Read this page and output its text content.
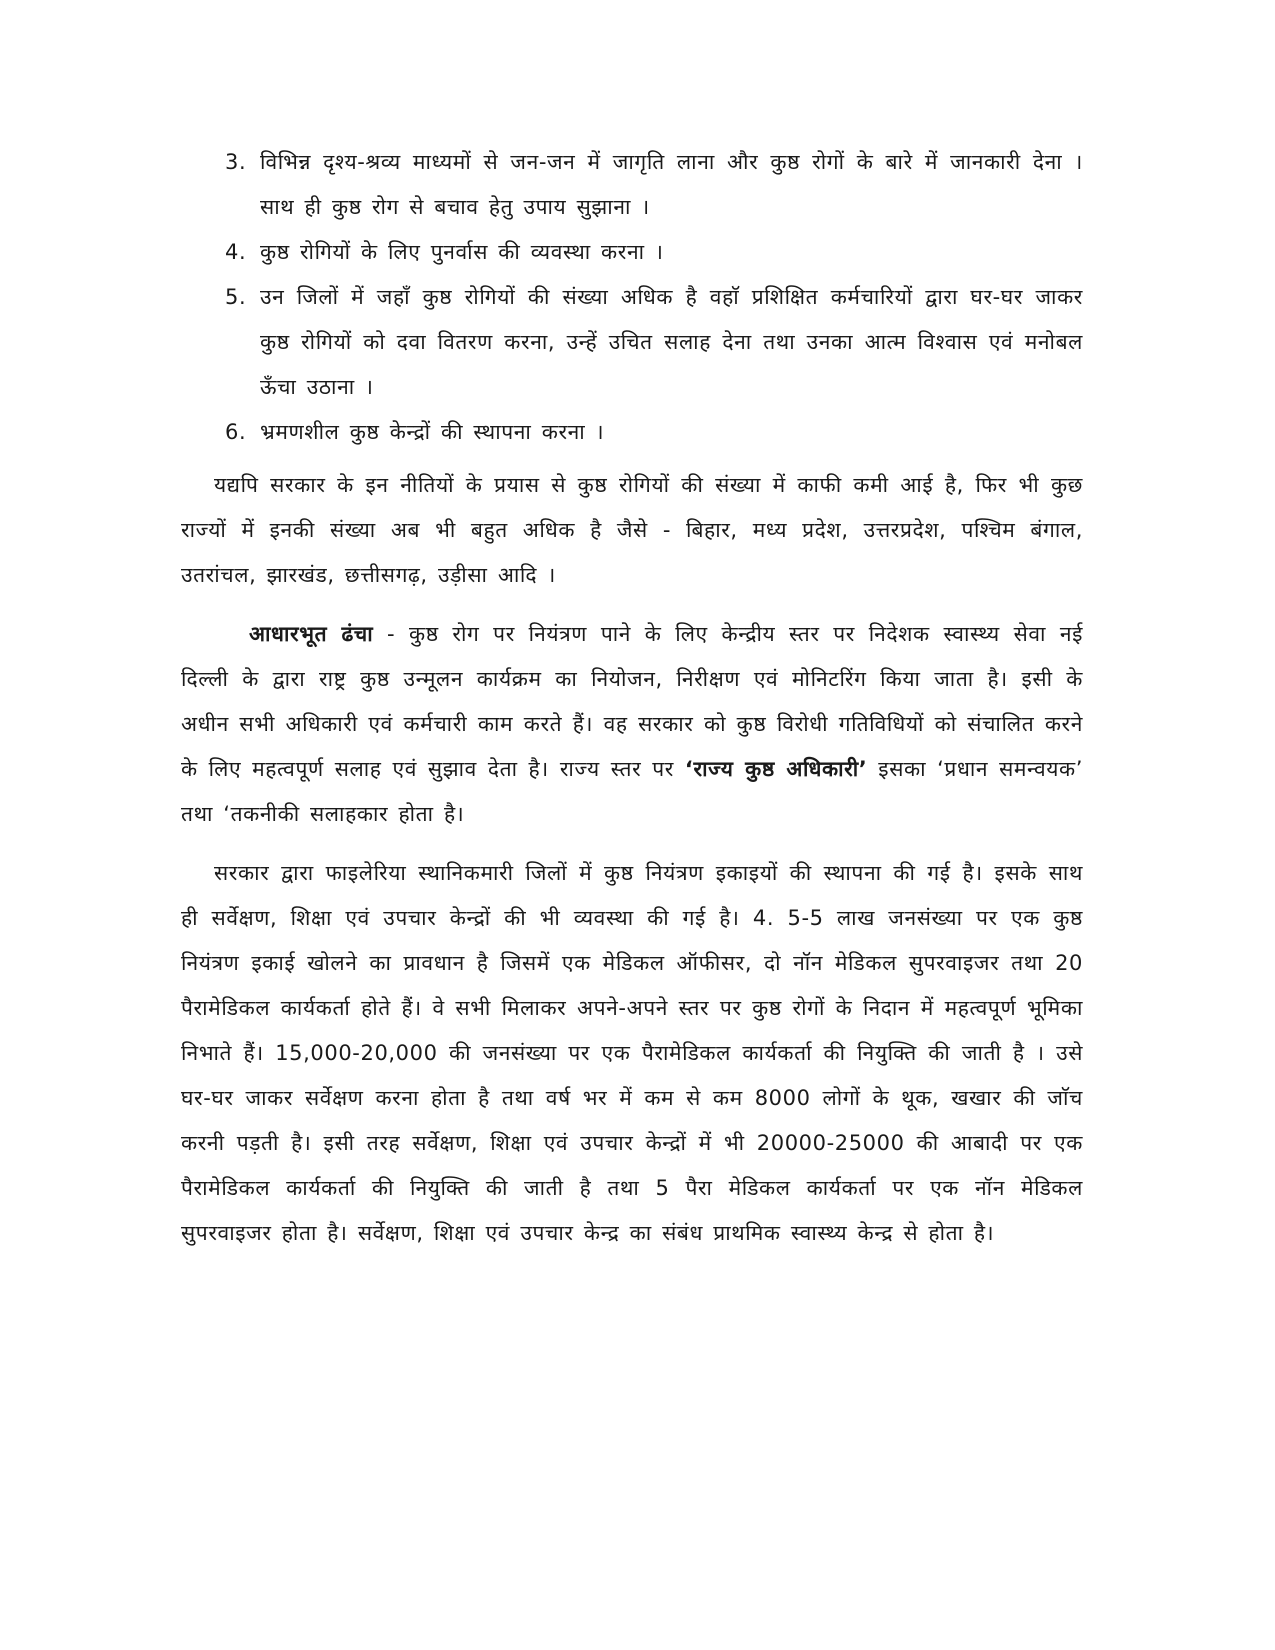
3. विभिन्न दृश्य-श्रव्य माध्यमों से जन-जन में जागृति लाना और कुष्ठ रोगों के बारे में जानकारी देना । साथ ही कुष्ठ रोग से बचाव हेतु उपाय सुझाना ।
4. कुष्ठ रोगियों के लिए पुनर्वास की व्यवस्था करना ।
5. उन जिलों में जहाँ कुष्ठ रोगियों की संख्या अधिक है वहाॅ प्रशिक्षित कर्मचारियों द्वारा घर-घर जाकर कुष्ठ रोगियों को दवा वितरण करना, उन्हें उचित सलाह देना तथा उनका आत्म विश्वास एवं मनोबल ऊँचा उठाना ।
6. भ्रमणशील कुष्ठ केन्द्रों की स्थापना करना ।

यद्यपि सरकार के इन नीतियों के प्रयास से कुष्ठ रोगियों की संख्या में काफी कमी आई है, फिर भी कुछ राज्यों में इनकी संख्या अब भी बहुत अधिक है जैसे - बिहार, मध्य प्रदेश, उत्तरप्रदेश, पश्चिम बंगाल, उतरांचल, झारखंड, छत्तीसगढ़, उड़ीसा आदि ।

आधारभूत ढंचा - कुष्ठ रोग पर नियंत्रण पाने के लिए केन्द्रीय स्तर पर निदेशक स्वास्थ्य सेवा नई दिल्ली के द्वारा राष्ट्र कुष्ठ उन्मूलन कार्यक्रम का नियोजन, निरीक्षण एवं मोनिटरिंग किया जाता है। इसी के अधीन सभी अधिकारी एवं कर्मचारी काम करते हैं। वह सरकार को कुष्ठ विरोधी गतिविधियों को संचालित करने के लिए महत्वपूर्ण सलाह एवं सुझाव देता है। राज्य स्तर पर ‘राज्य कुष्ठ अधिकारी’ इसका ‘प्रधान समन्वयक’ तथा ‘तकनीकी सलाहकार होता है।

सरकार द्वारा फाइलेरिया स्थानिकमारी जिलों में कुष्ठ नियंत्रण इकाइयों की स्थापना की गई है। इसके साथ ही सर्वेक्षण, शिक्षा एवं उपचार केन्द्रों की भी व्यवस्था की गई है। 4. 5-5 लाख जनसंख्या पर एक कुष्ठ नियंत्रण इकाई खोलने का प्रावधान है जिसमें एक मेडिकल ऑफीसर, दो नॉन मेडिकल सुपरवाइजर तथा 20 पैरामेडिकल कार्यकर्ता होते हैं। वे सभी मिलाकर अपने-अपने स्तर पर कुष्ठ रोगों के निदान में महत्वपूर्ण भूमिका निभाते हैं। 15,000-20,000 की जनसंख्या पर एक पैरामेडिकल कार्यकर्ता की नियुक्ति की जाती है । उसे घर-घर जाकर सर्वेक्षण करना होता है तथा वर्ष भर में कम से कम 8000 लोगों के थूक, खखार की जाॅच करनी पड़ती है। इसी तरह सर्वेक्षण, शिक्षा एवं उपचार केन्द्रों में भी 20000-25000 की आबादी पर एक पैरामेडिकल कार्यकर्ता की नियुक्ति की जाती है तथा 5 पैरा मेडिकल कार्यकर्ता पर एक नॉन मेडिकल सुपरवाइजर होता है। सर्वेक्षण, शिक्षा एवं उपचार केन्द्र का संबंध प्राथमिक स्वास्थ्य केन्द्र से होता है।
